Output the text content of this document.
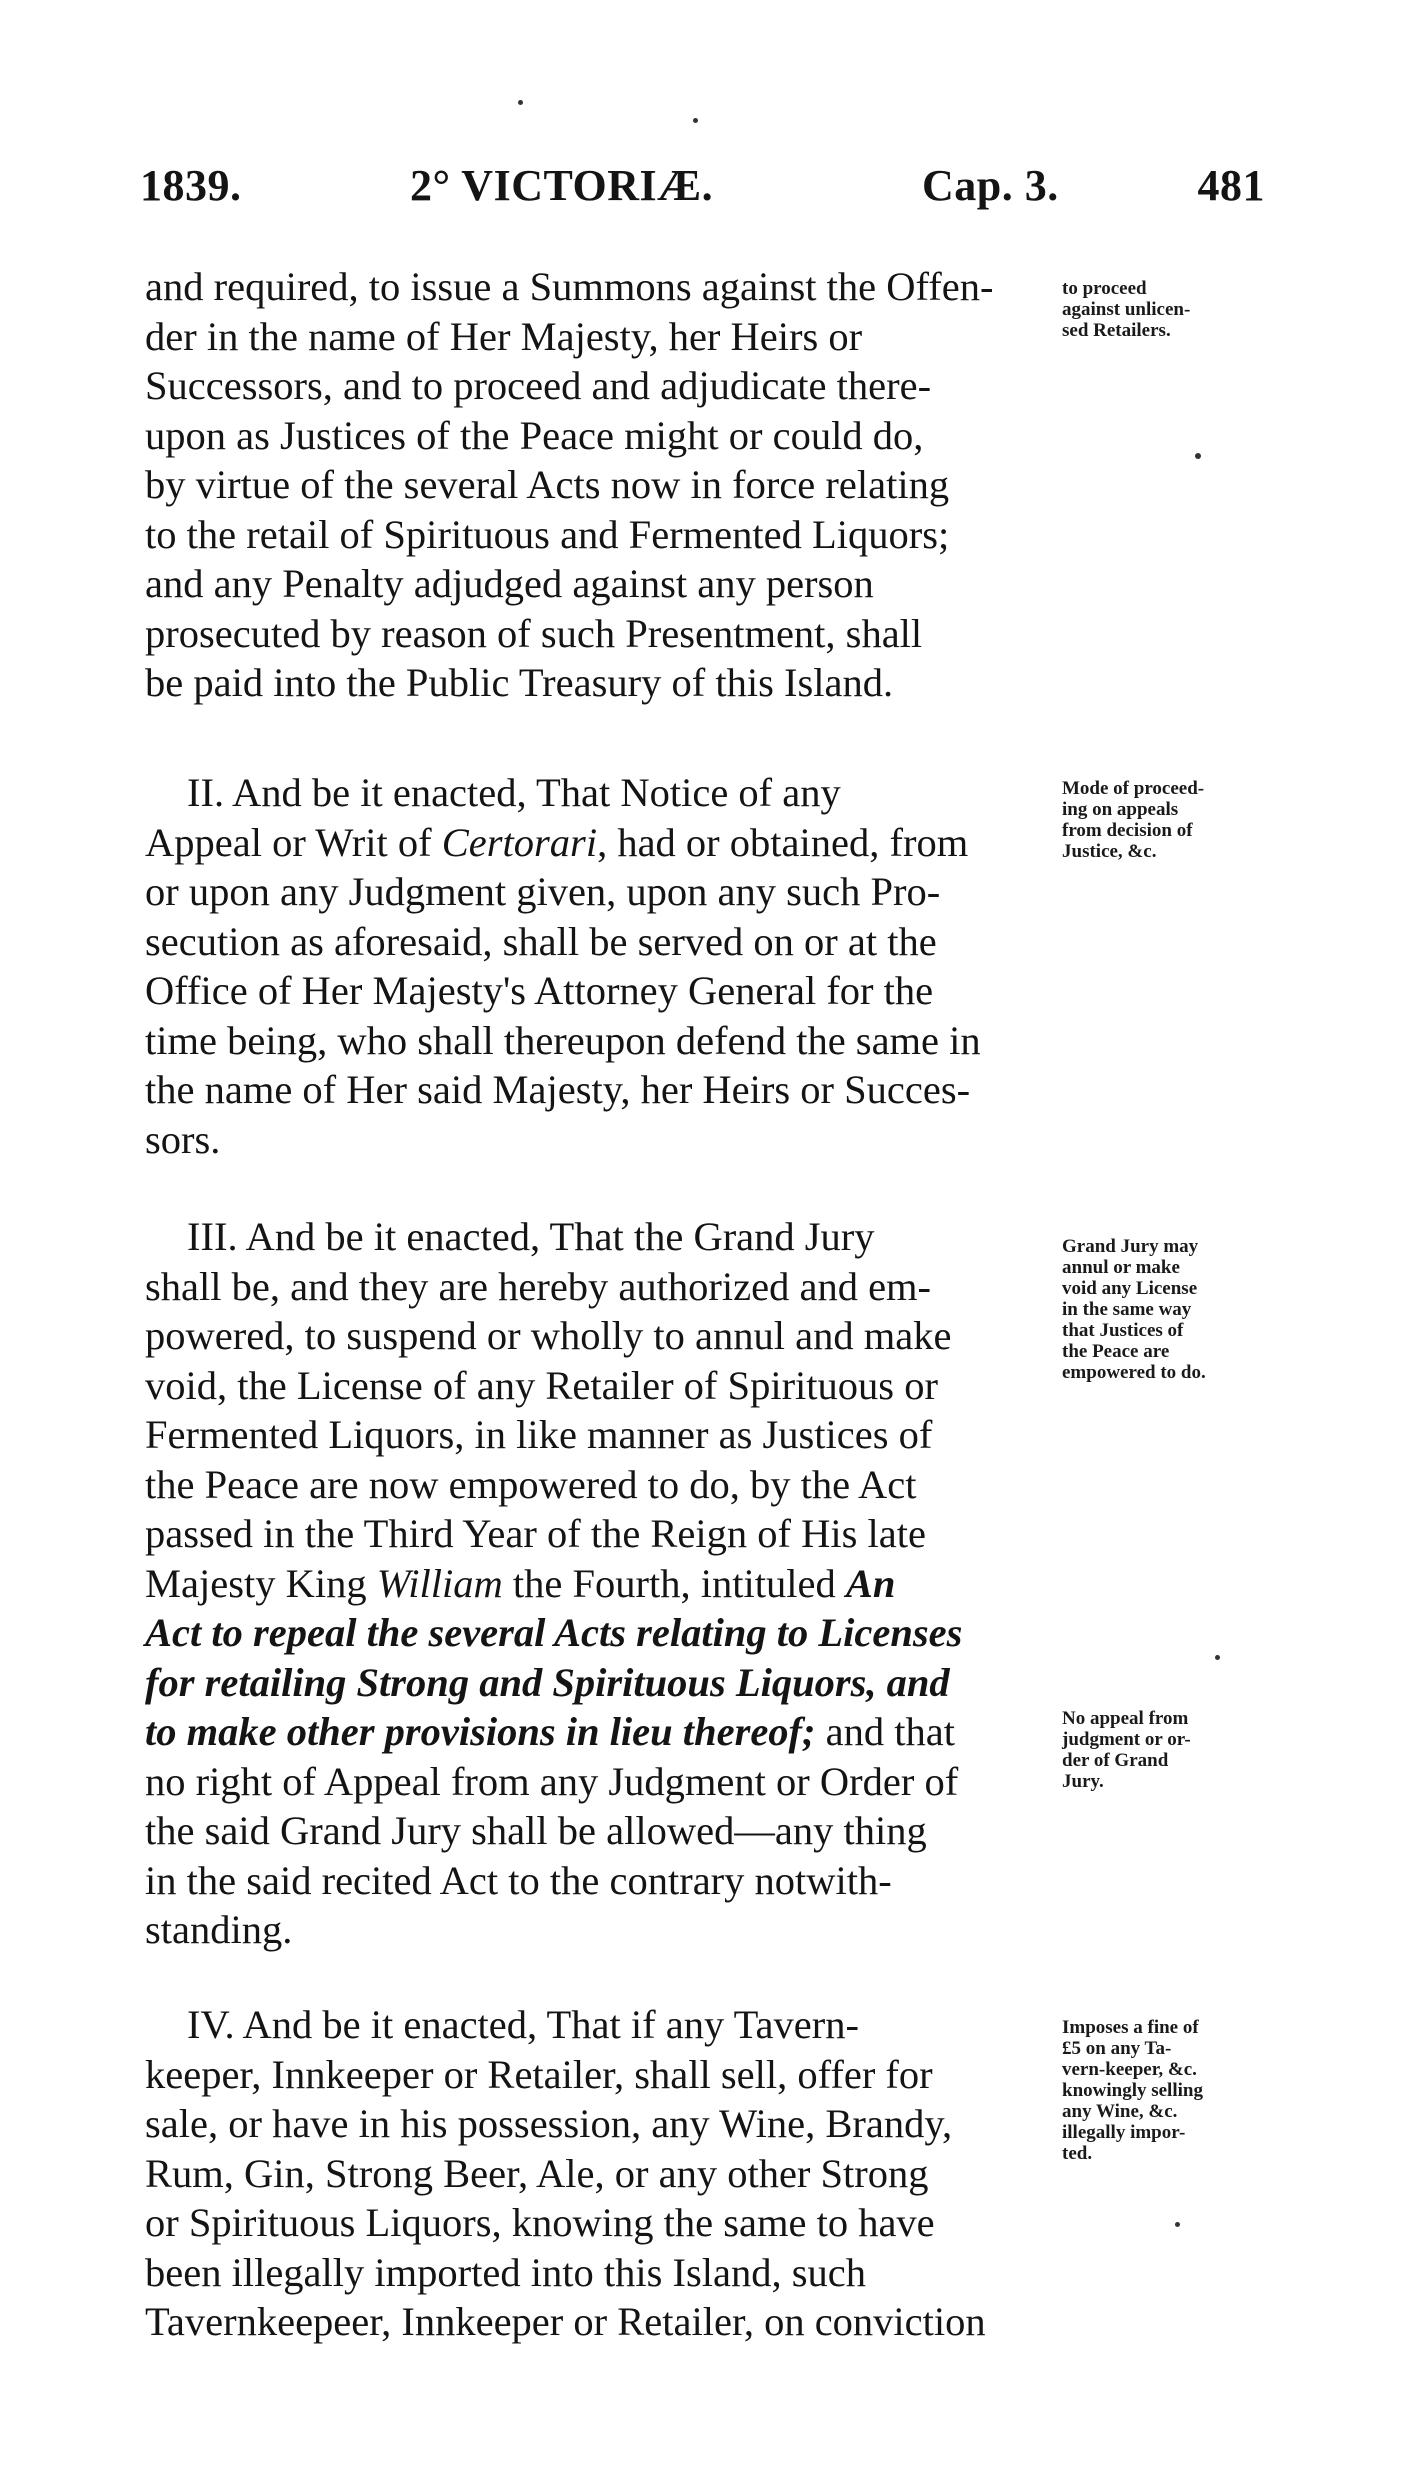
1839.	2° VICTORIÆ.	Cap. 3.	481
and required, to issue a Summons against the Offen-
der in the name of Her Majesty, her Heirs or
Successors, and to proceed and adjudicate there-
upon as Justices of the Peace might or could do,
by virtue of the several Acts now in force relating
to the retail of Spirituous and Fermented Liquors;
and any Penalty adjudged against any person
prosecuted by reason of such Presentment, shall
be paid into the Public Treasury of this Island.
II. And be it enacted, That Notice of any
Appeal or Writ of Certorari, had or obtained, from
or upon any Judgment given, upon any such Pro-
secution as aforesaid, shall be served on or at the
Office of Her Majesty's Attorney General for the
time being, who shall thereupon defend the same in
the name of Her said Majesty, her Heirs or Succes-
sors.
III. And be it enacted, That the Grand Jury
shall be, and they are hereby authorized and em-
powered, to suspend or wholly to annul and make
void, the License of any Retailer of Spirituous or
Fermented Liquors, in like manner as Justices of
the Peace are now empowered to do, by the Act
passed in the Third Year of the Reign of His late
Majesty King William the Fourth, intituled An
Act to repeal the several Acts relating to Licenses
for retailing Strong and Spirituous Liquors, and
to make other provisions in lieu thereof; and that
no right of Appeal from any Judgment or Order of
the said Grand Jury shall be allowed—any thing
in the said recited Act to the contrary notwith-
standing.
IV. And be it enacted, That if any Tavern-
keeper, Innkeeper or Retailer, shall sell, offer for
sale, or have in his possession, any Wine, Brandy,
Rum, Gin, Strong Beer, Ale, or any other Strong
or Spirituous Liquors, knowing the same to have
been illegally imported into this Island, such
Tavernkeepeer, Innkeeper or Retailer, on conviction
to proceed
against unlicen-
sed Retailers.
Mode of proceed-
ing on appeals
from decision of
Justice, &c.
Grand Jury may
annul or make
void any License
in the same way
that Justices of
the Peace are
empowered to do.
No appeal from
judgment or or-
der of Grand
Jury.
Imposes a fine of
£5 on any Ta-
vern-keeper, &c.
knowingly selling
any Wine, &c.
illegally impor-
ted.
